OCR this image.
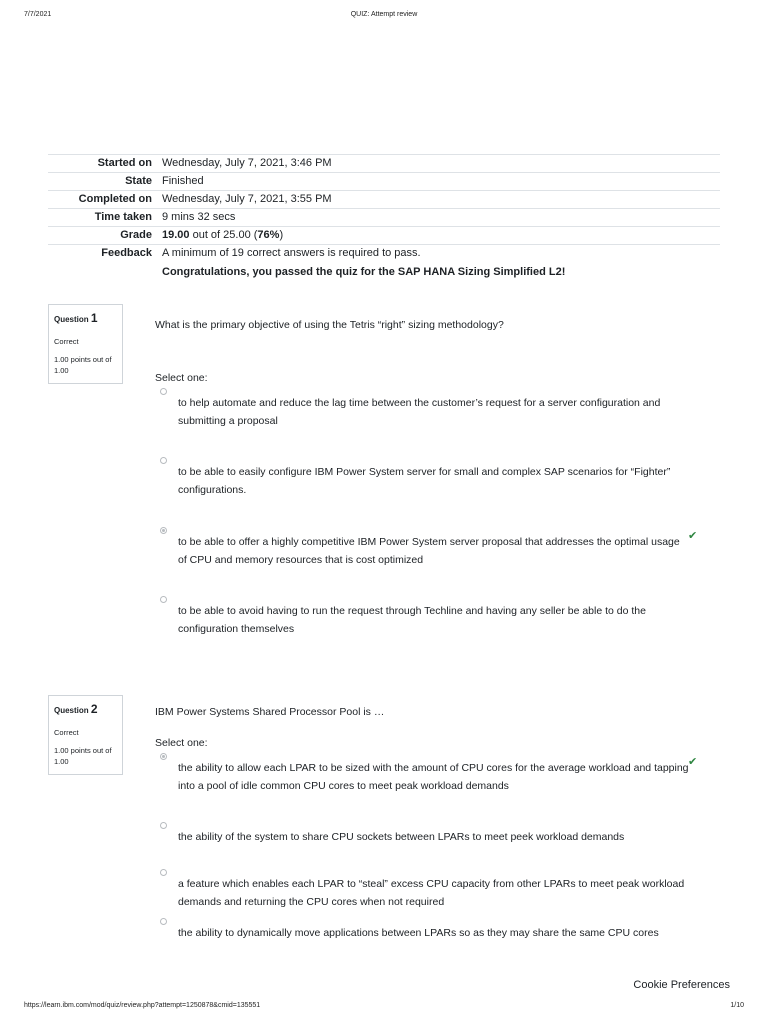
7/7/2021	QUIZ: Attempt review
Started on	Wednesday, July 7, 2021, 3:46 PM
State	Finished
Completed on	Wednesday, July 7, 2021, 3:55 PM
Time taken	9 mins 32 secs
Grade	19.00 out of 25.00 (76%)
Feedback	A minimum of 19 correct answers is required to pass.
Congratulations, you passed the quiz for the SAP HANA Sizing Simplified L2!
Question 1
Correct
1.00 points out of 1.00
What is the primary objective of using the Tetris “right” sizing methodology?
Select one:
to help automate and reduce the lag time between the customer’s request for a server configuration and submitting a proposal
to be able to easily configure IBM Power System server for small and complex SAP scenarios for “Fighter” configurations.
to be able to offer a highly competitive IBM Power System server proposal that addresses the optimal usage of CPU and memory resources that is cost optimized
✔
to be able to avoid having to run the request through Techline and having any seller be able to do the configuration themselves
Question 2
Correct
1.00 points out of 1.00
IBM Power Systems Shared Processor Pool is …
Select one:
the ability to allow each LPAR to be sized with the amount of CPU cores for the average workload and tapping into a pool of idle common CPU cores to meet peak workload demands
✔
the ability of the system to share CPU sockets between LPARs to meet peek workload demands
a feature which enables each LPAR to “steal” excess CPU capacity from other LPARs to meet peak workload demands and returning the CPU cores when not required
the ability to dynamically move applications between LPARs so as they may share the same CPU cores
Cookie Preferences
https://learn.ibm.com/mod/quiz/review.php?attempt=1250878&cmid=135551	1/10
